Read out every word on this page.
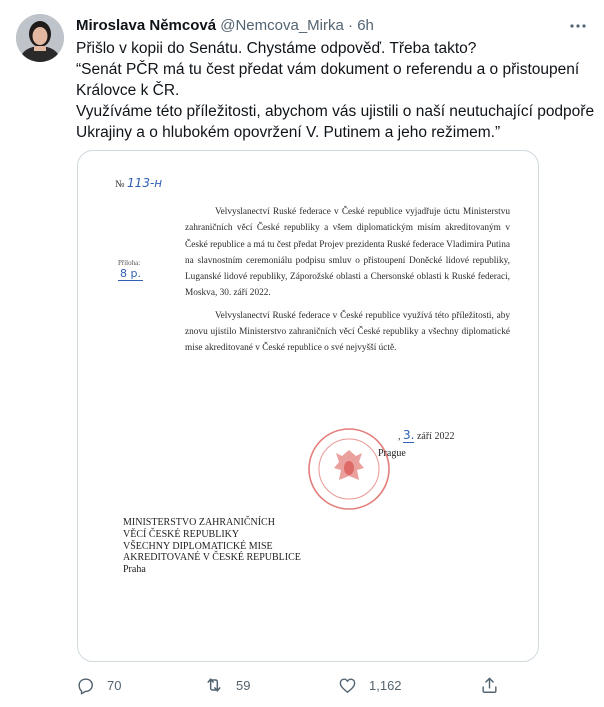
Miroslava Němcová @Nemcova_Mirka · 6h

Přišlo v kopii do Senátu. Chystáme odpověď. Třeba takto?

“Senát PČR má tu čest předat vám dokument o referendu a o přistoupení

Královce k ČR.

Využíváme této příležitosti, abychom vás ujistili o naší neutuchající podpoře

Ukrajiny a o hlubokém opovržení V. Putinem a jeho režimem.”

№ 113-н
Příloha:
8 p.

Velvyslanectví Ruské federace v České republice vyjadřuje úctu Ministerstvu zahraničních věcí České republiky a všem diplomatickým misím akreditovaným v České republice a má tu čest předat Projev prezidenta Ruské federace Vladimira Putina na slavnostním ceremoniálu podpisu smluv o přistoupení Doněcké lidové republiky, Luganské lidové republiky, Záporožské oblasti a Chersonské oblasti k Ruské federaci, Moskva, 30. září 2022.

Velvyslanectví Ruské federace v České republice využívá této příležitosti, aby znovu ujistilo Ministerstvo zahraničních věcí České republiky a všechny diplomatické mise akreditované v České republice o své nejvyšší úctě.

Prague
, 3. září 2022
MINISTERSTVO ZAHRANIČNÍCH
VĚCÍ ČESKÉ REPUBLIKY
VŠECHNY DIPLOMATICKÉ MISE
AKREDITOVANÉ V ČESKÉ REPUBLICE
Praha
70	59	1,162
